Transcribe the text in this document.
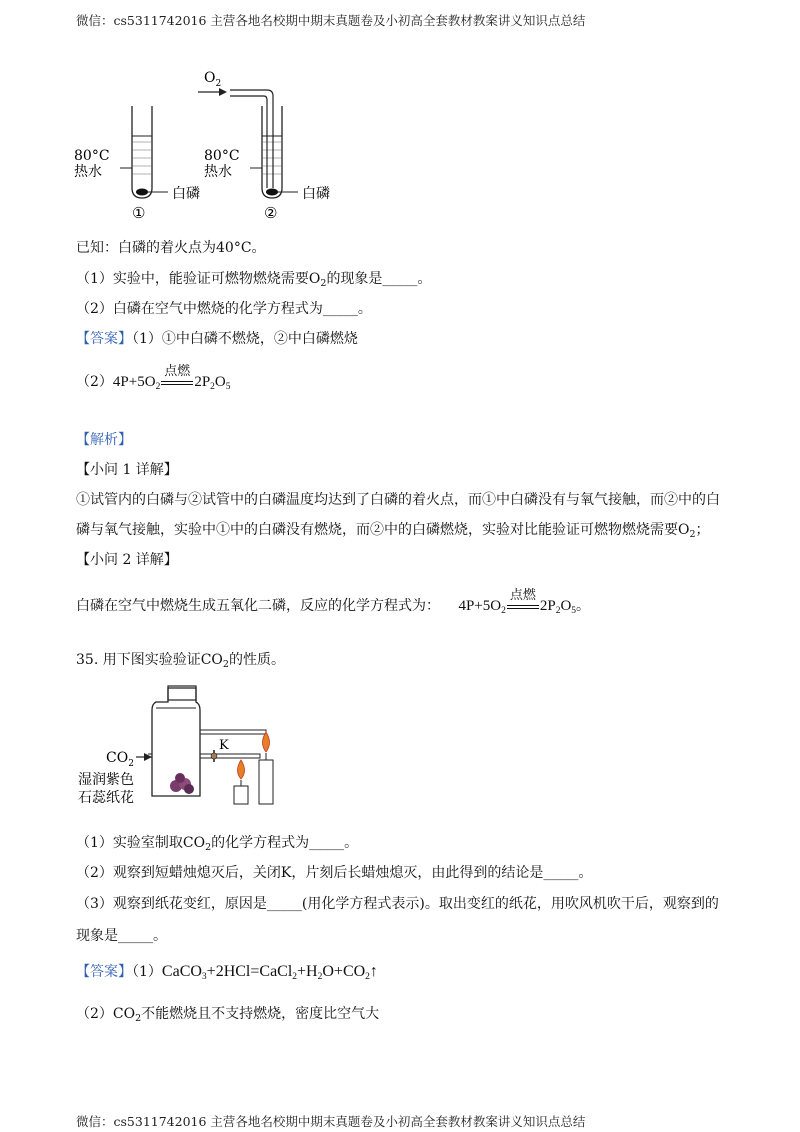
微信：cs5311742016 主营各地名校期中期末真题卷及小初高全套教材教案讲义知识点总结
$O_2$
80°C
热水
白磷
①
80°C
热水
白磷
②
已知：白磷的着火点为40°C。
（1）实验中，能验证可燃物燃烧需要$O_2$的现象是_____。
（2）白磷在空气中燃烧的化学方程式为_____。
【答案】（1）①中白磷不燃烧，②中白磷燃烧
$(2)4P+5O_2$
点燃
$2P_2O_5$
【解析】
【小问 1 详解】
①试管内的白磷与②试管中的白磷温度均达到了白磷的着火点，而①中白磷没有与氧气接触，而②中的白
磷与氧气接触，实验中①中的白磷没有燃烧，而②中的白磷燃烧，实验对比能验证可燃物燃烧需要$O_2$；
【小问 2 详解】
白磷在空气中燃烧生成五氧化二磷，反应的化学方程式为： $4P+5O_2$
点燃
$2P_2O_5$。
35. 用下图实验验证$CO_2$的性质。
K
$CO_2$
湿润紫色
石蕊纸花
（1）实验室制取$CO_2$的化学方程式为_____。
（2）观察到短蜡烛熄灭后，关闭K，片刻后长蜡烛熄灭，由此得到的结论是_____。
（3）观察到纸花变红，原因是_____(用化学方程式表示)。取出变红的纸花，用吹风机吹干后，观察到的
现象是_____。
【答案】$(1)CaCO_3+2HCl=CaCl_2+H_2O+CO_2↑$
$(2)CO_2$不能燃烧且不支持燃烧，密度比空气大
微信：cs5311742016 主营各地名校期中期末真题卷及小初高全套教材教案讲义知识点总结
